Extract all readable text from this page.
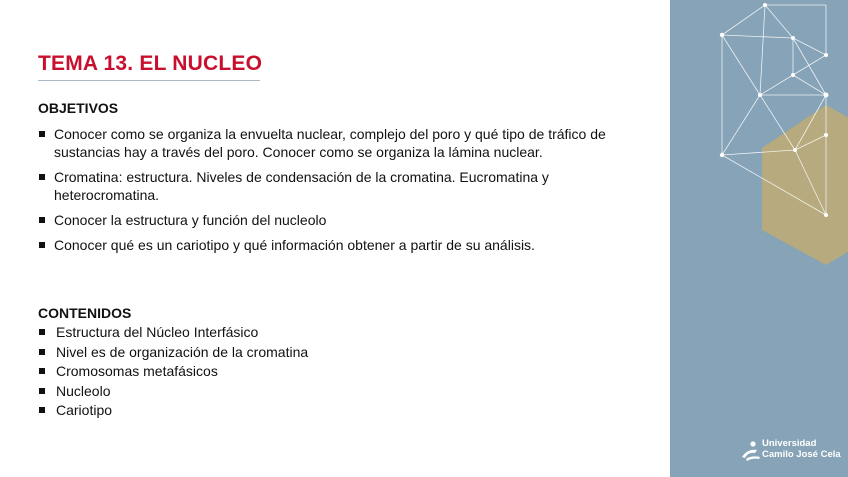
TEMA 13. EL NUCLEO
OBJETIVOS
Conocer como se organiza la envuelta nuclear, complejo del poro y qué tipo de tráfico de sustancias hay a través del poro. Conocer como se organiza la lámina nuclear.
Cromatina: estructura. Niveles de condensación de la cromatina. Eucromatina y heterocromatina.
Conocer la estructura y función del nucleolo
Conocer qué es un cariotipo y qué información obtener a partir de su análisis.
CONTENIDOS
Estructura del Núcleo Interfásico
Nivel es de organización de la cromatina
Cromosomas metafásicos
Nucleolo
Cariotipo
Universidad
Camilo José Cela
